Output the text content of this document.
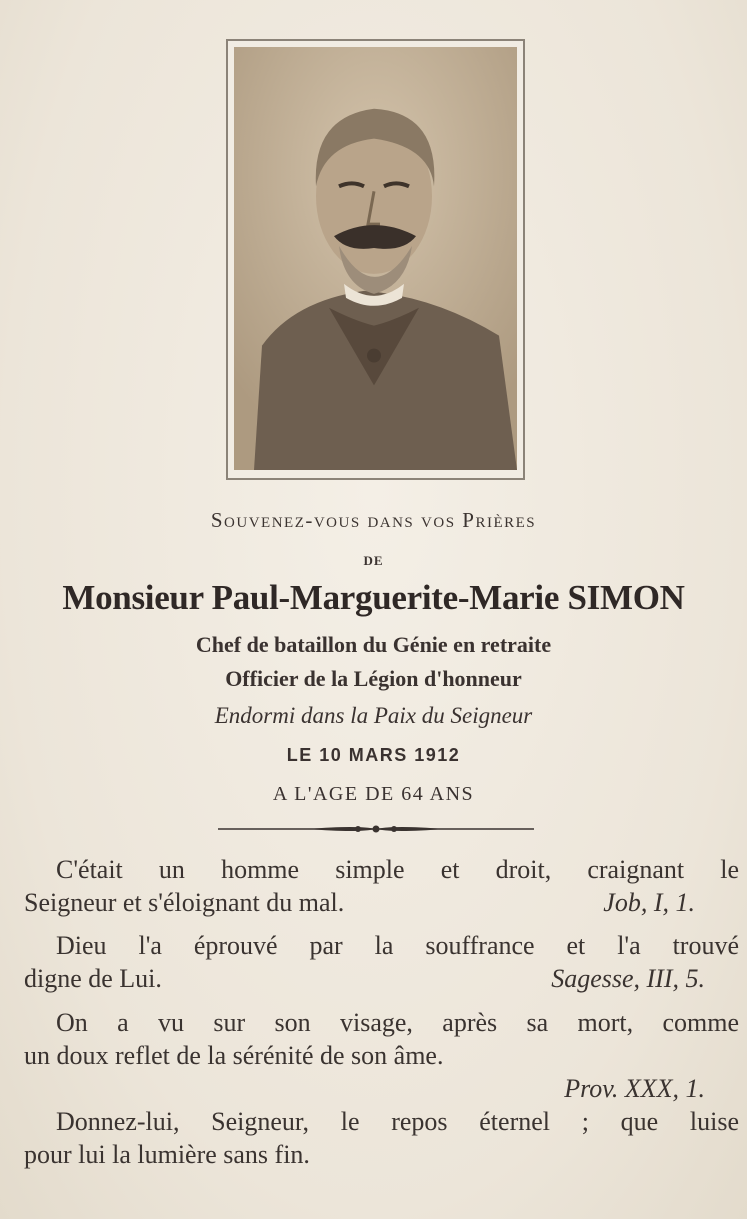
Souvenez-vous dans vos Prières
DE
Monsieur Paul-Marguerite-Marie SIMON
Chef de bataillon du Génie en retraite
Officier de la Légion d'honneur
Endormi dans la Paix du Seigneur
LE 10 MARS 1912
A L'AGE DE 64 ANS
C'était un homme simple et droit, craignant le
Seigneur et s'éloignant du mal.	Job, I, 1.
Dieu l'a éprouvé par la souffrance et l'a trouvé
digne de Lui.	Sagesse, III, 5.
On a vu sur son visage, après sa mort, comme
un doux reflet de la sérénité de son âme.
Prov. XXX, 1.
Donnez-lui, Seigneur, le repos éternel ; que luise
pour lui la lumière sans fin.
